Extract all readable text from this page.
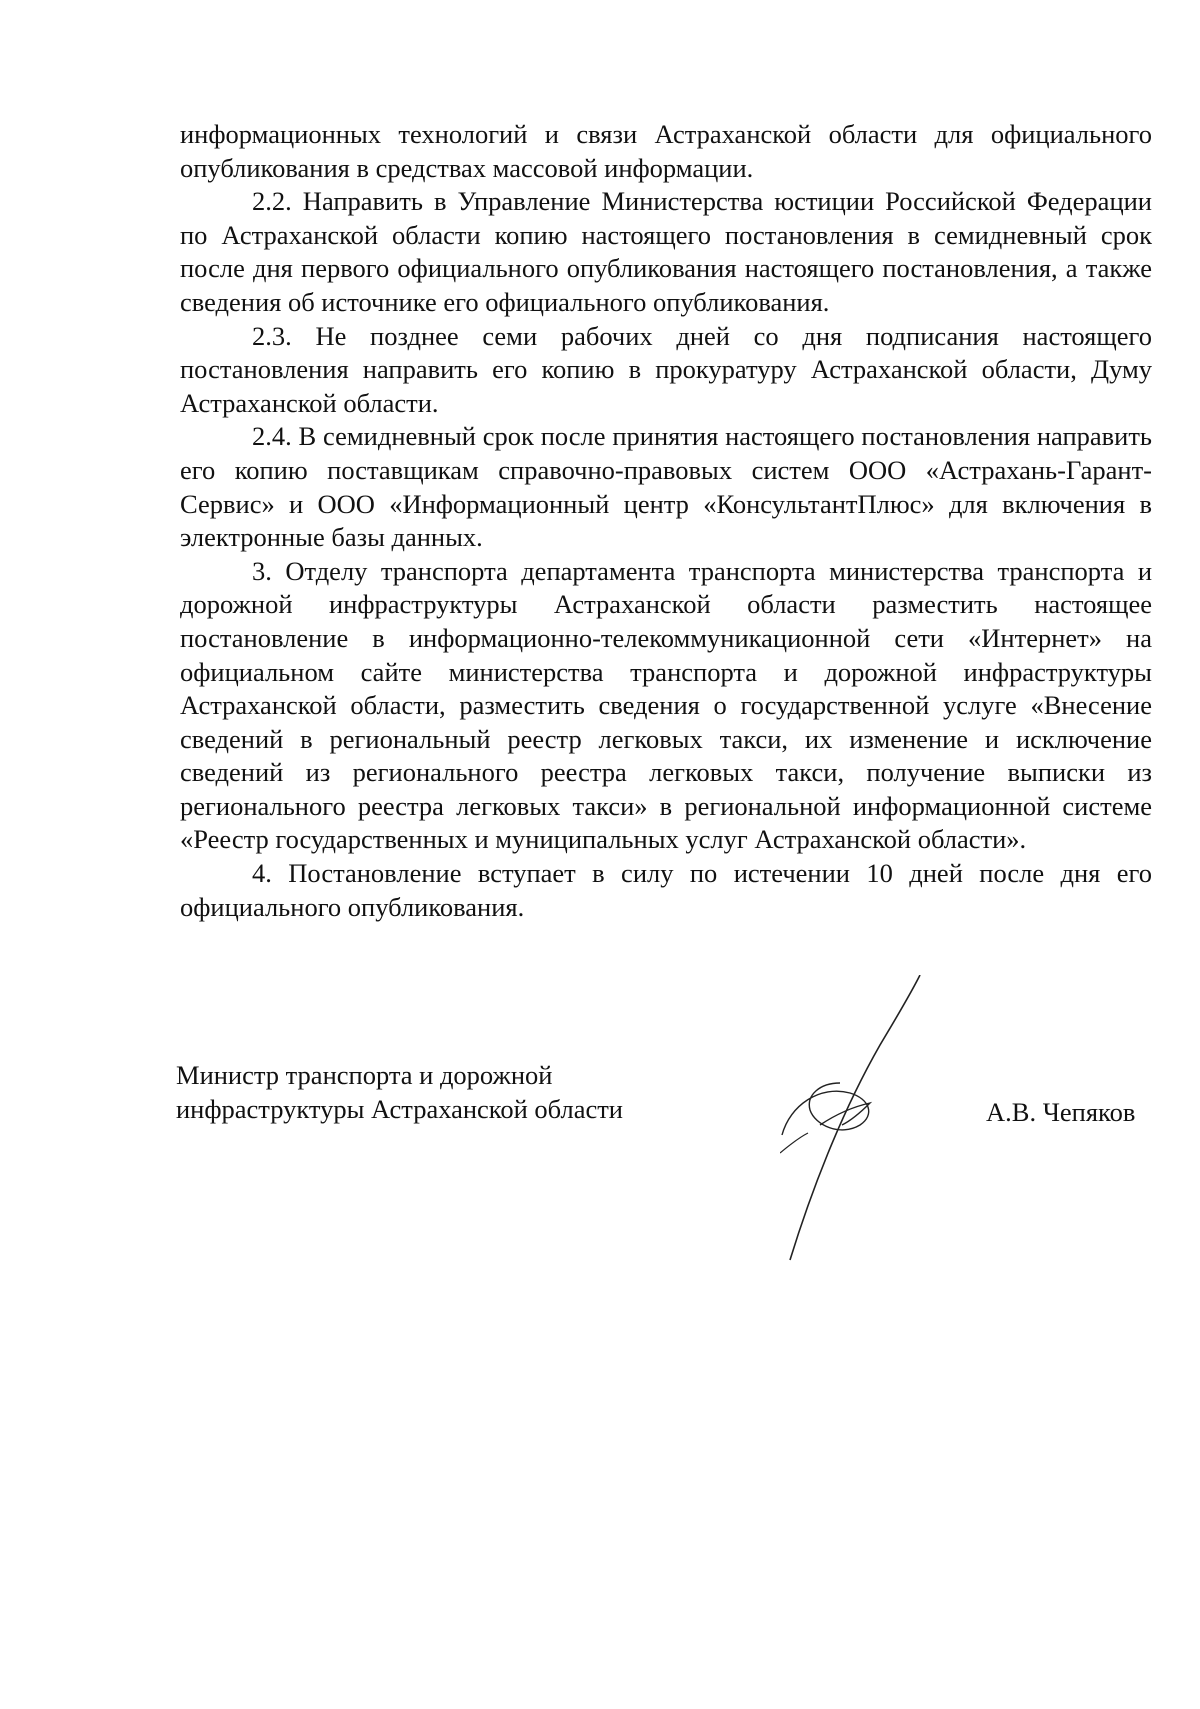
информационных технологий и связи Астраханской области для официального опубликования в средствах массовой информации.

2.2. Направить в Управление Министерства юстиции Российской Федерации по Астраханской области копию настоящего постановления в семидневный срок после дня первого официального опубликования настоящего постановления, а также сведения об источнике его официального опубликования.

2.3. Не позднее семи рабочих дней со дня подписания настоящего постановления направить его копию в прокуратуру Астраханской области, Думу Астраханской области.

2.4. В семидневный срок после принятия настоящего постановления направить его копию поставщикам справочно-правовых систем ООО «Астрахань-Гарант-Сервис» и ООО «Информационный центр «КонсультантПлюс» для включения в электронные базы данных.

3. Отделу транспорта департамента транспорта министерства транспорта и дорожной инфраструктуры Астраханской области разместить настоящее постановление в информационно-телекоммуникационной сети «Интернет» на официальном сайте министерства транспорта и дорожной инфраструктуры Астраханской области, разместить сведения о государственной услуге «Внесение сведений в региональный реестр легковых такси, их изменение и исключение сведений из регионального реестра легковых такси, получение выписки из регионального реестра легковых такси» в региональной информационной системе «Реестр государственных и муниципальных услуг Астраханской области».

4. Постановление вступает в силу по истечении 10 дней после дня его официального опубликования.

Министр транспорта и дорожной
инфраструктуры Астраханской области	А.В. Чепяков
